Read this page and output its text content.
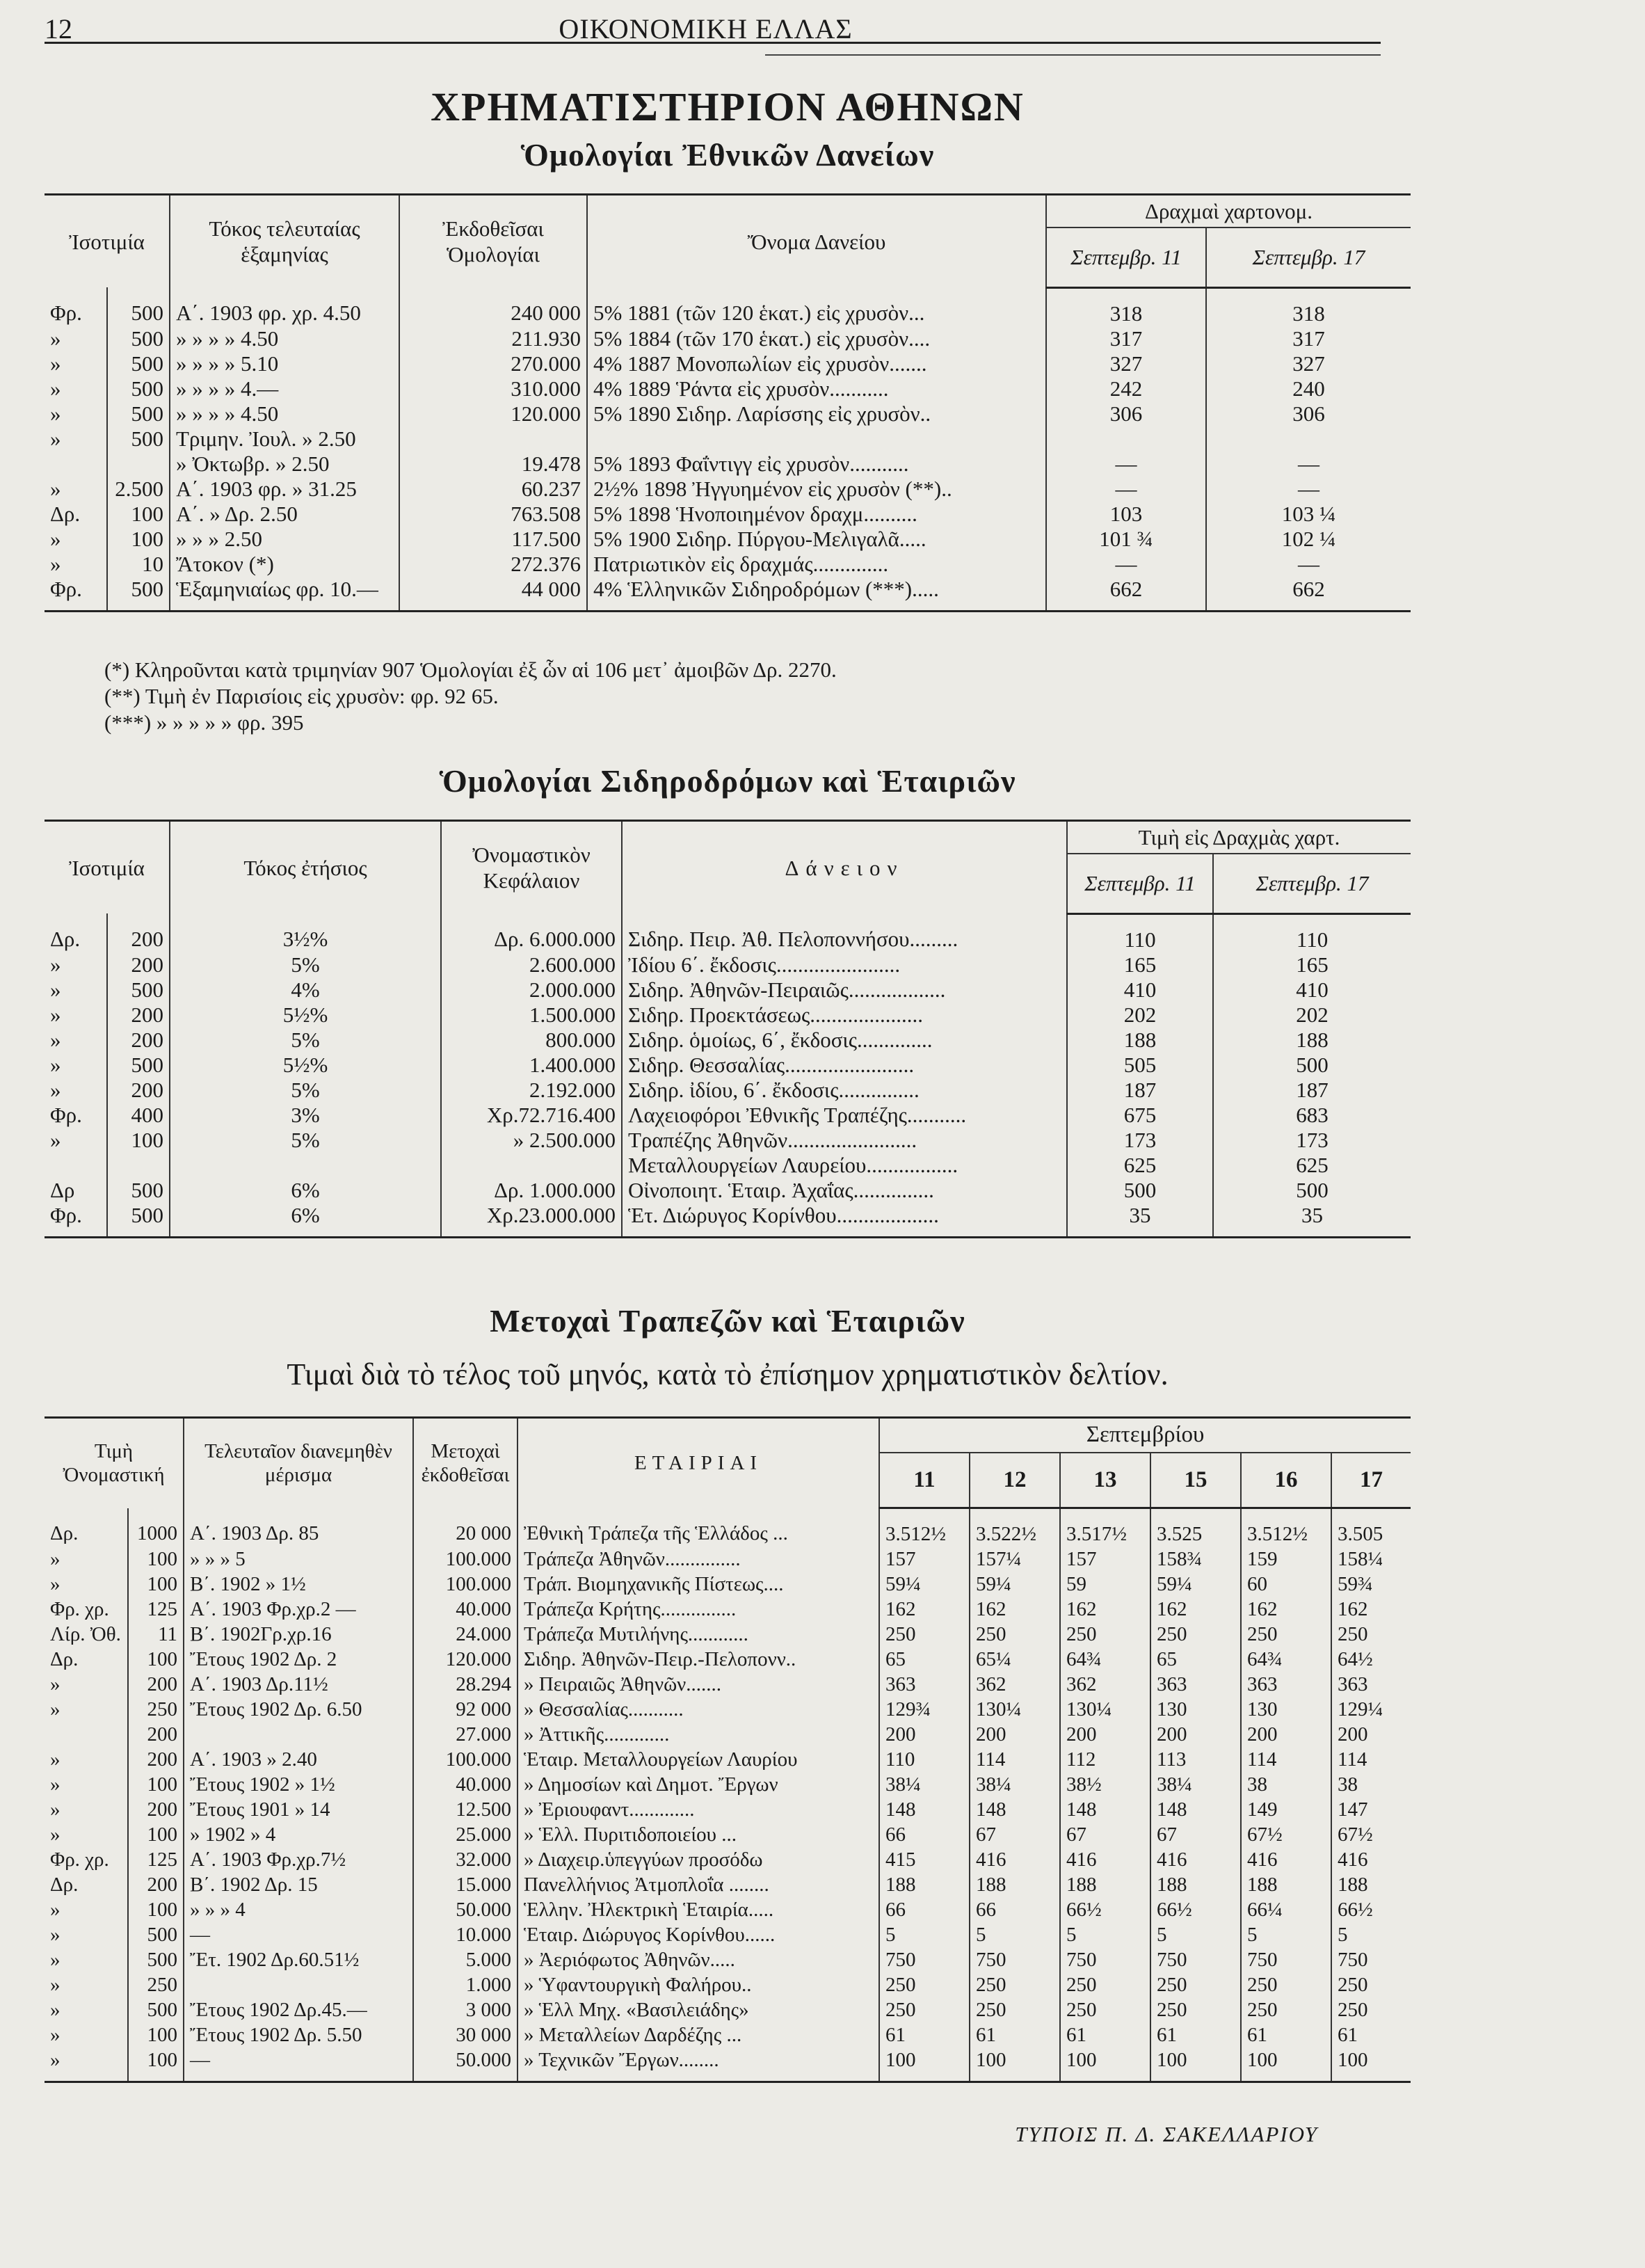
12	ΟΙΚΟΝΟΜΙΚΗ ΕΛΛΑΣ
ΧΡΗΜΑΤΙΣΤΗΡΙΟΝ ΑΘΗΝΩΝ
Ὁμολογίαι Ἐθνικῶν Δανείων
Ἰσοτιμία		Τόκος τελευταίας ἑξαμηνίας	Ἐκδοθεῖσαι Ὁμολογίαι	Ὄνομα Δανείου	Δραχμαὶ χαρτονομ.	
					Σεπτεμβρ. 11	Σεπτεμβρ. 17
Φρ.	500	Α΄. 1903 φρ. χρ. 4.50	240 000	5% 1881 (τῶν 120 ἑκατ.) εἰς χρυσὸν...	318	318
»	500	» » » » 4.50	211.930	5% 1884 (τῶν 170 ἑκατ.) εἰς χρυσὸν....	317	317
»	500	» » » » 5.10	270.000	4% 1887 Μονοπωλίων εἰς χρυσὸν.......	327	327
»	500	» » » » 4.—	310.000	4% 1889 Ῥάντα εἰς χρυσὸν...........	242	240
»	500	» » » » 4.50	120.000	5% 1890 Σιδηρ. Λαρίσσης εἰς χρυσὸν..	306	306
»	500	Τριμην. Ἰουλ. » 2.50				
		» Ὀκτωβρ. » 2.50	19.478	5% 1893 Φαΐντιγγ εἰς χρυσὸν...........	—	—
»	2.500	Α΄. 1903 φρ. » 31.25	60.237	2½% 1898 Ἠγγυημένον εἰς χρυσὸν (**)..	—	—
Δρ.	100	Α΄. » Δρ. 2.50	763.508	5% 1898 Ἡνοποιημένον δραχμ..........	103	103 ¼
»	100	» » » 2.50	117.500	5% 1900 Σιδηρ. Πύργου-Μελιγαλᾶ.....	101 ¾	102 ¼
»	10	Ἄτοκον (*)	272.376	Πατριωτικὸν εἰς δραχμάς..............	—	—
Φρ.	500	Ἑξαμηνιαίως φρ. 10.—	44 000	4% Ἑλληνικῶν Σιδηροδρόμων (***).....	662	662
(*) Κληροῦνται κατὰ τριμηνίαν 907 Ὁμολογίαι ἐξ ὧν αἱ 106 μετ᾽ ἀμοιβῶν Δρ. 2270.
(**) Τιμὴ ἐν Παρισίοις εἰς χρυσὸν: φρ. 92 65.
(***) » » » » » φρ. 395
Ὁμολογίαι Σιδηροδρόμων καὶ Ἑταιριῶν
Ἰσοτιμία		Τόκος ἐτήσιος	Ὀνομαστικὸν Κεφάλαιον	Δάνειον	Τιμὴ εἰς Δραχμὰς χαρτ.	
					Σεπτεμβρ. 11	Σεπτεμβρ. 17
Δρ.	200	3½%	Δρ. 6.000.000	Σιδηρ. Πειρ. Ἀθ. Πελοποννήσου.........	110	110
»	200	5%	2.600.000	Ἰδίου 6΄. ἔκδοσις.......................	165	165
»	500	4%	2.000.000	Σιδηρ. Ἀθηνῶν-Πειραιῶς..................	410	410
»	200	5½%	1.500.000	Σιδηρ. Προεκτάσεως.....................	202	202
»	200	5%	800.000	Σιδηρ. ὁμοίως, 6΄, ἔκδοσις..............	188	188
»	500	5½%	1.400.000	Σιδηρ. Θεσσαλίας........................	505	500
»	200	5%	2.192.000	Σιδηρ. ἰδίου, 6΄. ἔκδοσις...............	187	187
Φρ.	400	3%	Χρ.72.716.400	Λαχειοφόροι Ἐθνικῆς Τραπέζης...........	675	683
»	100	5%	» 2.500.000	Τραπέζης Ἀθηνῶν........................	173	173
				Μεταλλουργείων Λαυρείου.................	625	625
Δρ	500	6%	Δρ. 1.000.000	Οἰνοποιητ. Ἑταιρ. Ἀχαΐας...............	500	500
Φρ.	500	6%	Χρ.23.000.000	Ἑτ. Διώρυγος Κορίνθου...................	35	35
Μετοχαὶ Τραπεζῶν καὶ Ἑταιριῶν
Τιμαὶ διὰ τὸ τέλος τοῦ μηνός, κατὰ τὸ ἐπίσημον χρηματιστικὸν δελτίον.
Τιμὴ Ὀνομαστική		Τελευταῖον διανεμηθὲν μέρισμα	Μετοχαὶ ἐκδοθεῖσαι	ΕΤΑΙΡΙΑΙ	Σεπτεμβρίου					
					11	12	13	15	16	17
Δρ.	1000	Α΄. 1903 Δρ. 85	20 000	Ἐθνικὴ Τράπεζα τῆς Ἑλλάδος ...	3.512½	3.522½	3.517½	3.525	3.512½	3.505
»	100	» » » 5	100.000	Τράπεζα Ἀθηνῶν...............	157	157¼	157	158¾	159	158¼
»	100	Β΄. 1902 » 1½	100.000	Τράπ. Βιομηχανικῆς Πίστεως....	59¼	59¼	59	59¼	60	59¾
Φρ. χρ.	125	Α΄. 1903 Φρ.χρ.2 —	40.000	Τράπεζα Κρήτης...............	162	162	162	162	162	162
Λίρ. Ὀθ.	11	Β΄. 1902Γρ.χρ.16	24.000	Τράπεζα Μυτιλήνης............	250	250	250	250	250	250
Δρ.	100	Ἔτους 1902 Δρ. 2	120.000	Σιδηρ. Ἀθηνῶν-Πειρ.-Πελοπονν..	65	65¼	64¾	65	64¾	64½
»	200	Α΄. 1903 Δρ.11½	28.294	» Πειραιῶς Ἀθηνῶν.......	363	362	362	363	363	363
»	250	Ἔτους 1902 Δρ. 6.50	92 000	» Θεσσαλίας...........	129¾	130¼	130¼	130	130	129¼
	200		27.000	» Ἀττικῆς.............	200	200	200	200	200	200
»	200	Α΄. 1903 » 2.40	100.000	Ἑταιρ. Μεταλλουργείων Λαυρίου	110	114	112	113	114	114
»	100	Ἔτους 1902 » 1½	40.000	» Δημοσίων καὶ Δημοτ. Ἔργων	38¼	38¼	38½	38¼	38	38
»	200	Ἔτους 1901 » 14	12.500	» Ἐριουφαντ.............	148	148	148	148	149	147
»	100	» 1902 » 4	25.000	» Ἑλλ. Πυριτιδοποιείου ...	66	67	67	67	67½	67½
Φρ. χρ.	125	Α΄. 1903 Φρ.χρ.7½	32.000	» Διαχειρ.ὑπεγγύων προσόδω	415	416	416	416	416	416
Δρ.	200	Β΄. 1902 Δρ. 15	15.000	Πανελλήνιος Ἀτμοπλοΐα ........	188	188	188	188	188	188
»	100	» » » 4	50.000	Ἑλλην. Ἠλεκτρικὴ Ἑταιρία.....	66	66	66½	66½	66¼	66½
»	500	—	10.000	Ἑταιρ. Διώρυγος Κορίνθου......	5	5	5	5	5	5
»	500	Ἔτ. 1902 Δρ.60.51½	5.000	» Ἀεριόφωτος Ἀθηνῶν.....	750	750	750	750	750	750
»	250		1.000	» Ὑφαντουργικὴ Φαλήρου..	250	250	250	250	250	250
»	500	Ἔτους 1902 Δρ.45.—	3 000	» Ἑλλ Μηχ. «Βασιλειάδης»	250	250	250	250	250	250
»	100	Ἔτους 1902 Δρ. 5.50	30 000	» Μεταλλείων Δαρδέζης ...	61	61	61	61	61	61
»	100	—	50.000	» Τεχνικῶν Ἔργων........	100	100	100	100	100	100
ΤΥΠΟΙΣ Π. Δ. ΣΑΚΕΛΛΑΡΙΟΥ
